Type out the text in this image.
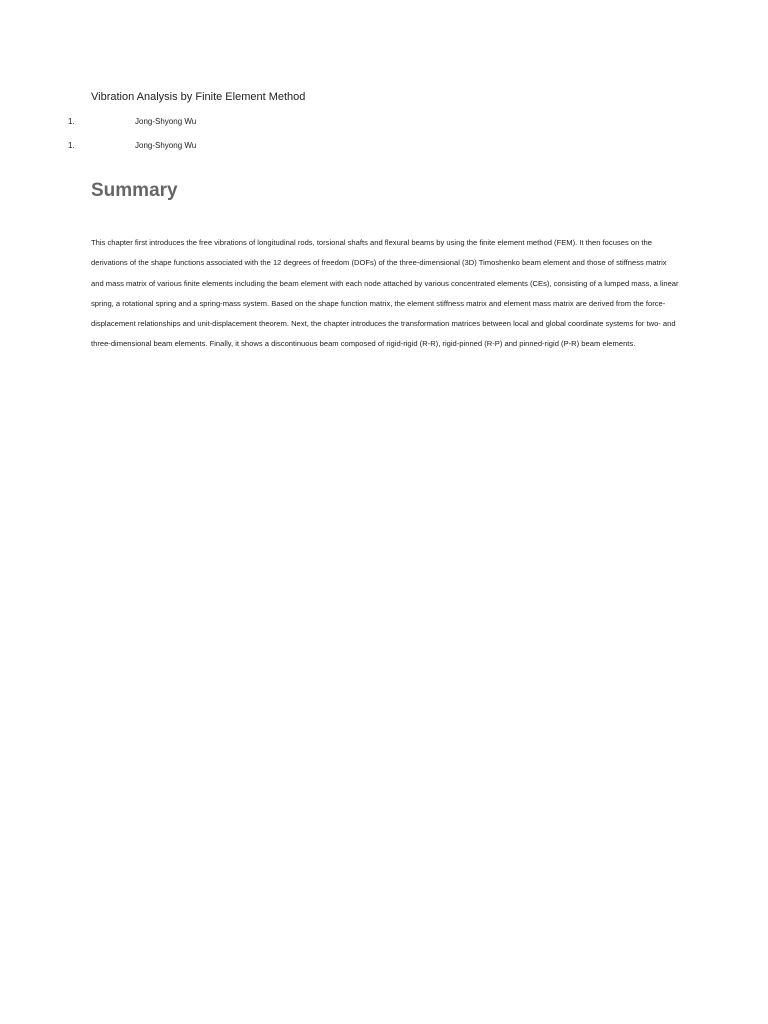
Vibration Analysis by Finite Element Method
1.	Jong-Shyong Wu
1.	Jong-Shyong Wu
Summary

This chapter first introduces the free vibrations of longitudinal rods, torsional shafts and flexural beams by using the finite element method (FEM). It then focuses on the derivations of the shape functions associated with the 12 degrees of freedom (DOFs) of the three-dimensional (3D) Timoshenko beam element and those of stiffness matrix and mass matrix of various finite elements including the beam element with each node attached by various concentrated elements (CEs), consisting of a lumped mass, a linear spring, a rotational spring and a spring-mass system. Based on the shape function matrix, the element stiffness matrix and element mass matrix are derived from the force-displacement relationships and unit-displacement theorem. Next, the chapter introduces the transformation matrices between local and global coordinate systems for two- and three-dimensional beam elements. Finally, it shows a discontinuous beam composed of rigid-rigid (R-R), rigid-pinned (R-P) and pinned-rigid (P-R) beam elements.
